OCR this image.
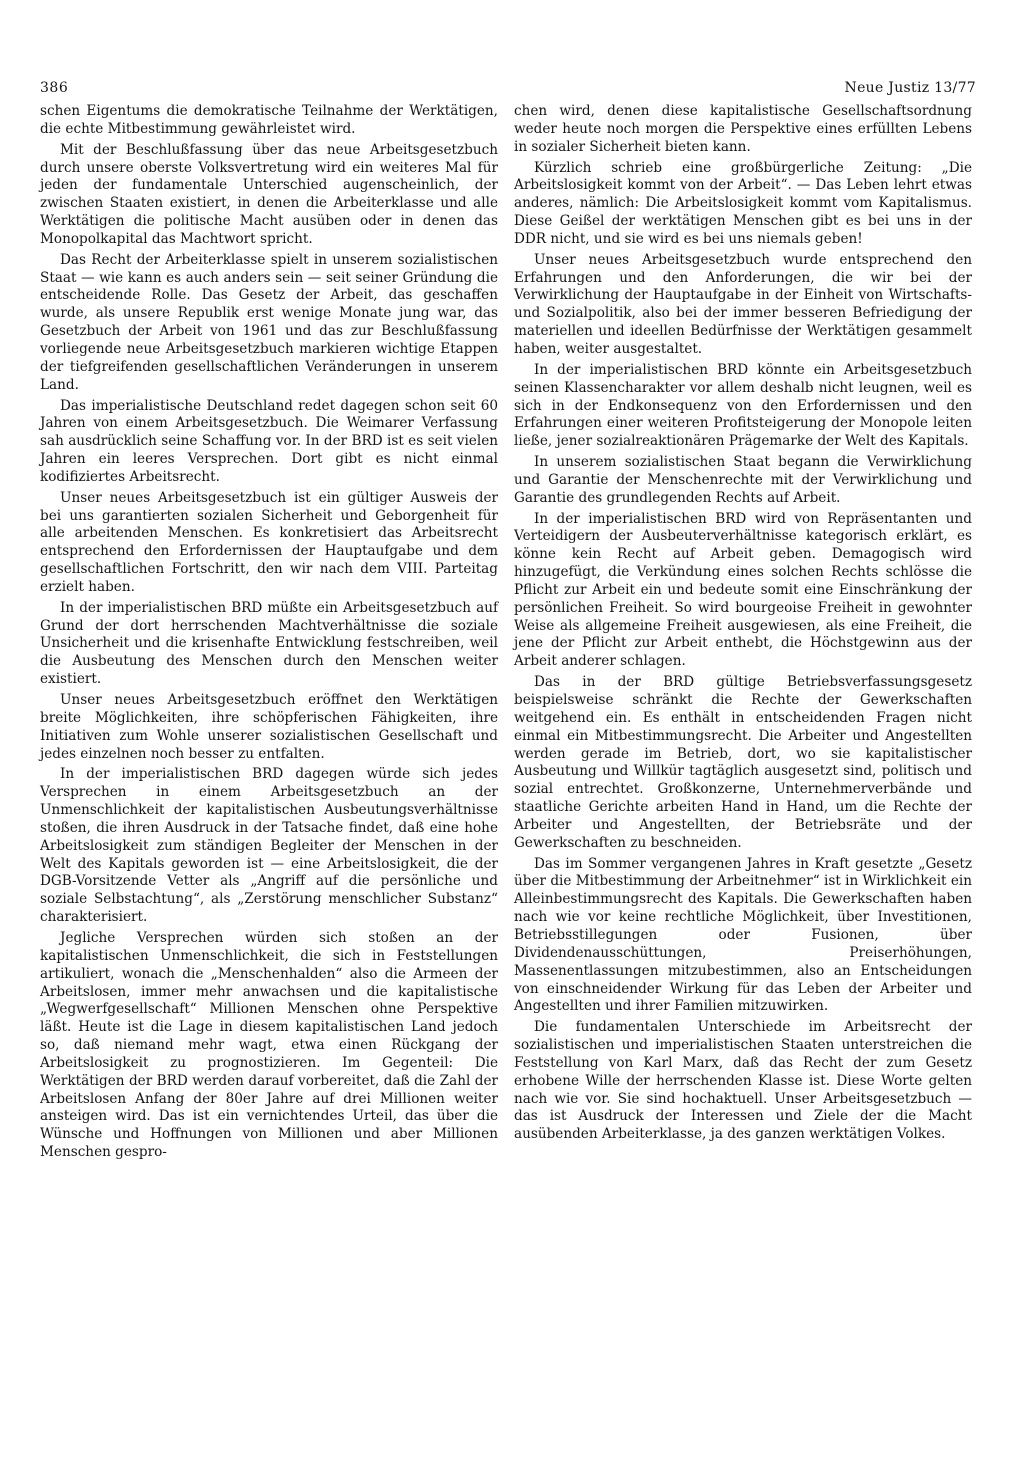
386	Neue Justiz 13/77

schen Eigentums die demokratische Teilnahme der Werktätigen, die echte Mitbestimmung gewährleistet wird.

Mit der Beschlußfassung über das neue Arbeitsgesetzbuch durch unsere oberste Volksvertretung wird ein weiteres Mal für jeden der fundamentale Unterschied augenscheinlich, der zwischen Staaten existiert, in denen die Arbeiterklasse und alle Werktätigen die politische Macht ausüben oder in denen das Monopolkapital das Machtwort spricht.

Das Recht der Arbeiterklasse spielt in unserem sozialistischen Staat — wie kann es auch anders sein — seit seiner Gründung die entscheidende Rolle. Das Gesetz der Arbeit, das geschaffen wurde, als unsere Republik erst wenige Monate jung war, das Gesetzbuch der Arbeit von 1961 und das zur Beschlußfassung vorliegende neue Arbeitsgesetzbuch markieren wichtige Etappen der tiefgreifenden gesellschaftlichen Veränderungen in unserem Land.

Das imperialistische Deutschland redet dagegen schon seit 60 Jahren von einem Arbeitsgesetzbuch. Die Weimarer Verfassung sah ausdrücklich seine Schaffung vor. In der BRD ist es seit vielen Jahren ein leeres Versprechen. Dort gibt es nicht einmal kodifiziertes Arbeitsrecht.

Unser neues Arbeitsgesetzbuch ist ein gültiger Ausweis der bei uns garantierten sozialen Sicherheit und Geborgenheit für alle arbeitenden Menschen. Es konkretisiert das Arbeitsrecht entsprechend den Erfordernissen der Hauptaufgabe und dem gesellschaftlichen Fortschritt, den wir nach dem VIII. Parteitag erzielt haben.

In der imperialistischen BRD müßte ein Arbeitsgesetzbuch auf Grund der dort herrschenden Machtverhältnisse die soziale Unsicherheit und die krisenhafte Entwicklung festschreiben, weil die Ausbeutung des Menschen durch den Menschen weiter existiert.

Unser neues Arbeitsgesetzbuch eröffnet den Werktätigen breite Möglichkeiten, ihre schöpferischen Fähigkeiten, ihre Initiativen zum Wohle unserer sozialistischen Gesellschaft und jedes einzelnen noch besser zu entfalten.

In der imperialistischen BRD dagegen würde sich jedes Versprechen in einem Arbeitsgesetzbuch an der Unmenschlichkeit der kapitalistischen Ausbeutungsverhältnisse stoßen, die ihren Ausdruck in der Tatsache findet, daß eine hohe Arbeitslosigkeit zum ständigen Begleiter der Menschen in der Welt des Kapitals geworden ist — eine Arbeitslosigkeit, die der DGB-Vorsitzende Vetter als „Angriff auf die persönliche und soziale Selbstachtung“, als „Zerstörung menschlicher Substanz“ charakterisiert.

Jegliche Versprechen würden sich stoßen an der kapitalistischen Unmenschlichkeit, die sich in Feststellungen artikuliert, wonach die „Menschenhalden“ also die Armeen der Arbeitslosen, immer mehr anwachsen und die kapitalistische „Wegwerfgesellschaft“ Millionen Menschen ohne Perspektive läßt. Heute ist die Lage in diesem kapitalistischen Land jedoch so, daß niemand mehr wagt, etwa einen Rückgang der Arbeitslosigkeit zu prognostizieren. Im Gegenteil: Die Werktätigen der BRD werden darauf vorbereitet, daß die Zahl der Arbeitslosen Anfang der 80er Jahre auf drei Millionen weiter ansteigen wird. Das ist ein vernichtendes Urteil, das über die Wünsche und Hoffnungen von Millionen und aber Millionen Menschen gespro-

chen wird, denen diese kapitalistische Gesellschaftsordnung weder heute noch morgen die Perspektive eines erfüllten Lebens in sozialer Sicherheit bieten kann.

Kürzlich schrieb eine großbürgerliche Zeitung: „Die Arbeitslosigkeit kommt von der Arbeit“. — Das Leben lehrt etwas anderes, nämlich: Die Arbeitslosigkeit kommt vom Kapitalismus. Diese Geißel der werktätigen Menschen gibt es bei uns in der DDR nicht, und sie wird es bei uns niemals geben!

Unser neues Arbeitsgesetzbuch wurde entsprechend den Erfahrungen und den Anforderungen, die wir bei der Verwirklichung der Hauptaufgabe in der Einheit von Wirtschafts- und Sozialpolitik, also bei der immer besseren Befriedigung der materiellen und ideellen Bedürfnisse der Werktätigen gesammelt haben, weiter ausgestaltet.

In der imperialistischen BRD könnte ein Arbeitsgesetzbuch seinen Klassencharakter vor allem deshalb nicht leugnen, weil es sich in der Endkonsequenz von den Erfordernissen und den Erfahrungen einer weiteren Profitsteigerung der Monopole leiten ließe, jener sozialreaktionären Prägemarke der Welt des Kapitals.

In unserem sozialistischen Staat begann die Verwirklichung und Garantie der Menschenrechte mit der Verwirklichung und Garantie des grundlegenden Rechts auf Arbeit.

In der imperialistischen BRD wird von Repräsentanten und Verteidigern der Ausbeuterverhältnisse kategorisch erklärt, es könne kein Recht auf Arbeit geben. Demagogisch wird hinzugefügt, die Verkündung eines solchen Rechts schlösse die Pflicht zur Arbeit ein und bedeute somit eine Einschränkung der persönlichen Freiheit. So wird bourgeoise Freiheit in gewohnter Weise als allgemeine Freiheit ausgewiesen, als eine Freiheit, die jene der Pflicht zur Arbeit enthebt, die Höchstgewinn aus der Arbeit anderer schlagen.

Das in der BRD gültige Betriebsverfassungsgesetz beispielsweise schränkt die Rechte der Gewerkschaften weitgehend ein. Es enthält in entscheidenden Fragen nicht einmal ein Mitbestimmungsrecht. Die Arbeiter und Angestellten werden gerade im Betrieb, dort, wo sie kapitalistischer Ausbeutung und Willkür tagtäglich ausgesetzt sind, politisch und sozial entrechtet. Großkonzerne, Unternehmerverbände und staatliche Gerichte arbeiten Hand in Hand, um die Rechte der Arbeiter und Angestellten, der Betriebsräte und der Gewerkschaften zu beschneiden.

Das im Sommer vergangenen Jahres in Kraft gesetzte „Gesetz über die Mitbestimmung der Arbeitnehmer“ ist in Wirklichkeit ein Alleinbestimmungsrecht des Kapitals. Die Gewerkschaften haben nach wie vor keine rechtliche Möglichkeit, über Investitionen, Betriebsstillegungen oder Fusionen, über Dividendenausschüttungen, Preiserhöhungen, Massenentlassungen mitzubestimmen, also an Entscheidungen von einschneidender Wirkung für das Leben der Arbeiter und Angestellten und ihrer Familien mitzuwirken.

Die fundamentalen Unterschiede im Arbeitsrecht der sozialistischen und imperialistischen Staaten unterstreichen die Feststellung von Karl Marx, daß das Recht der zum Gesetz erhobene Wille der herrschenden Klasse ist. Diese Worte gelten nach wie vor. Sie sind hochaktuell. Unser Arbeitsgesetzbuch — das ist Ausdruck der Interessen und Ziele der die Macht ausübenden Arbeiterklasse, ja des ganzen werktätigen Volkes.
